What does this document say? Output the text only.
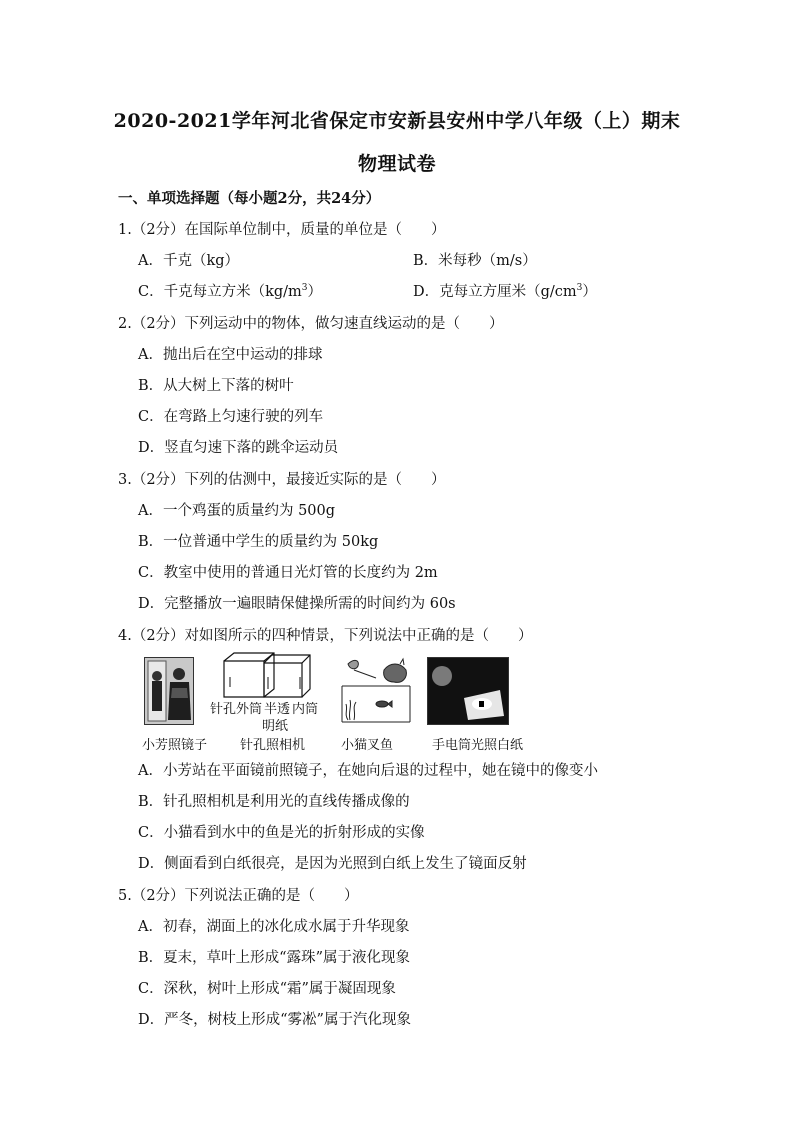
2020-2021学年河北省保定市安新县安州中学八年级（上）期末
物理试卷
一、单项选择题（每小题2分，共24分）
1.（2分）在国际单位制中，质量的单位是（　　）
A．千克（kg）	B．米每秒（m/s）
C．千克每立方米$(kg/m^3)$	D．克每立方厘米$(g/cm^3)$
2.（2分）下列运动中的物体，做匀速直线运动的是（　　）
A．抛出后在空中运动的排球
B．从大树上下落的树叶
C．在弯路上匀速行驶的列车
D．竖直匀速下落的跳伞运动员
3.（2分）下列的估测中，最接近实际的是（　　）
A．一个鸡蛋的质量约为 500g
B．一位普通中学生的质量约为 50kg
C．教室中使用的普通日光灯管的长度约为 2m
D．完整播放一遍眼睛保健操所需的时间约为 60s
4.（2分）对如图所示的四种情景，下列说法中正确的是（　　）
针孔外筒 半透
明纸
内筒
小芳照镜子	针孔照相机	小猫叉鱼	手电筒光照白纸
A．小芳站在平面镜前照镜子，在她向后退的过程中，她在镜中的像变小
B．针孔照相机是利用光的直线传播成像的
C．小猫看到水中的鱼是光的折射形成的实像
D．侧面看到白纸很亮，是因为光照到白纸上发生了镜面反射
5.（2分）下列说法正确的是（　　）
A．初春，湖面上的冰化成水属于升华现象
B．夏末，草叶上形成“露珠”属于液化现象
C．深秋，树叶上形成“霜”属于凝固现象
D．严冬，树枝上形成“雾凇”属于汽化现象
